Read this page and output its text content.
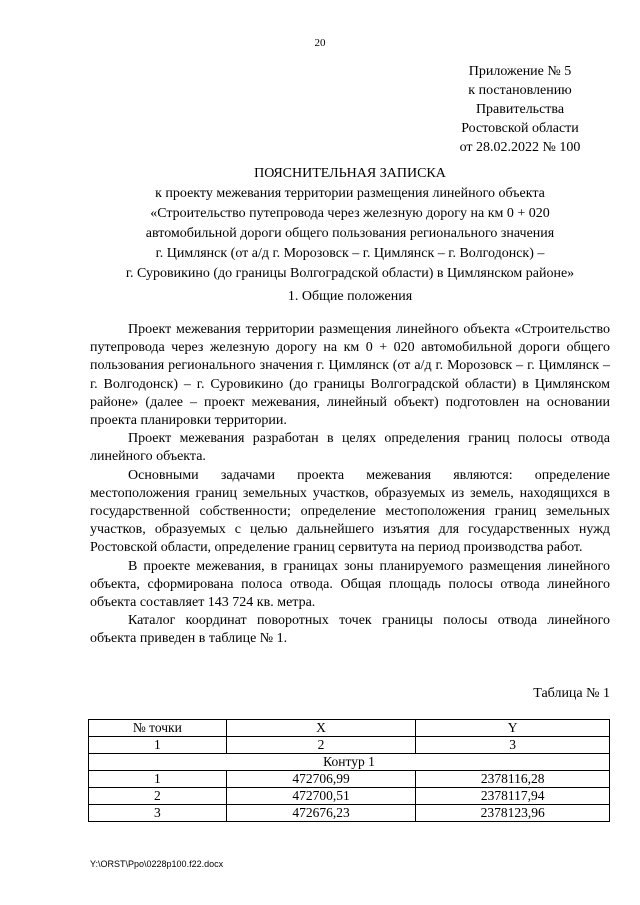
20
Приложение № 5
к постановлению
Правительства
Ростовской области
от 28.02.2022 № 100
ПОЯСНИТЕЛЬНАЯ ЗАПИСКА
к проекту межевания территории размещения линейного объекта
«Строительство путепровода через железную дорогу на км 0 + 020
автомобильной дороги общего пользования регионального значения
г. Цимлянск (от а/д г. Морозовск – г. Цимлянск – г. Волгодонск) –
г. Суровикино (до границы Волгоградской области) в Цимлянском районе»
1. Общие положения

Проект межевания территории размещения линейного объекта «Строительство путепровода через железную дорогу на км 0 + 020 автомобильной дороги общего пользования регионального значения г. Цимлянск (от а/д г. Морозовск – г. Цимлянск – г. Волгодонск) – г. Суровикино (до границы Волгоградской области) в Цимлянском районе» (далее – проект межевания, линейный объект) подготовлен на основании проекта планировки территории.

Проект межевания разработан в целях определения границ полосы отвода линейного объекта.

Основными задачами проекта межевания являются: определение местоположения границ земельных участков, образуемых из земель, находящихся в государственной собственности; определение местоположения границ земельных участков, образуемых с целью дальнейшего изъятия для государственных нужд Ростовской области, определение границ сервитута на период производства работ.

В проекте межевания, в границах зоны планируемого размещения линейного объекта, сформирована полоса отвода. Общая площадь полосы отвода линейного объекта составляет 143 724 кв. метра.

Каталог координат поворотных точек границы полосы отвода линейного объекта приведен в таблице № 1.

Таблица № 1
№ точки	X	Y
1	2	3
Контур 1		
1	472706,99	2378116,28
2	472700,51	2378117,94
3	472676,23	2378123,96
Y:\ORST\Ppo\0228p100.f22.docx
